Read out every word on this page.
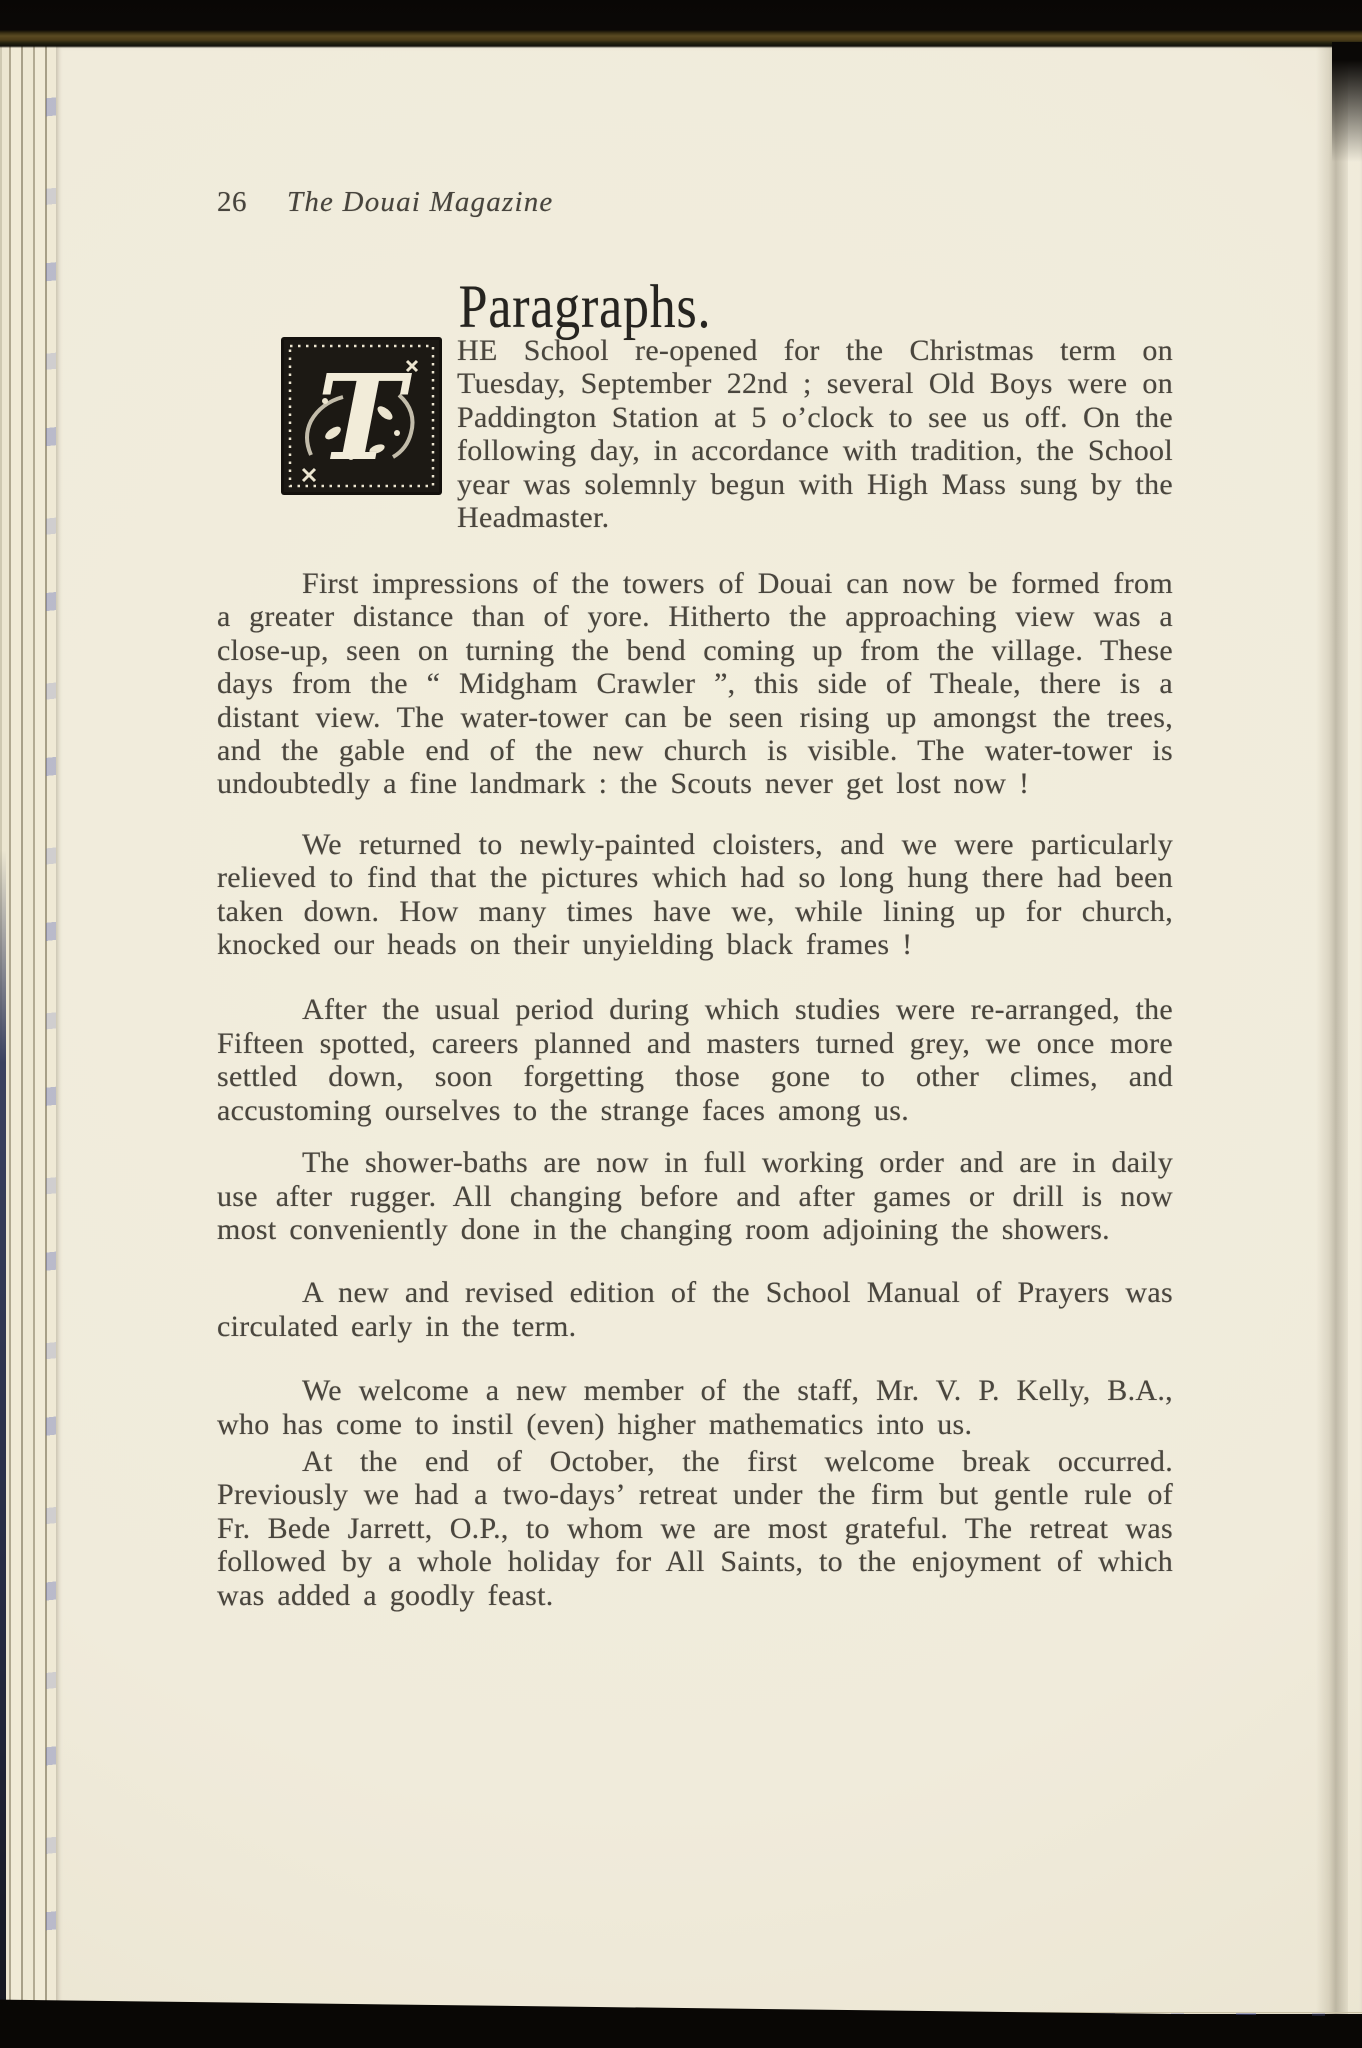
26 The Douai Magazine
Paragraphs.

T HE School re-opened for the Christmas term on Tuesday, September 22nd ; several Old Boys were on Paddington Station at 5 o’clock to see us off. On the following day, in accordance with tradition, the School year was solemnly begun with High Mass sung by the Headmaster.

First impressions of the towers of Douai can now be formed from a greater distance than of yore. Hitherto the approaching view was a close-up, seen on turning the bend coming up from the village. These days from the “ Midgham Crawler ”, this side of Theale, there is a distant view. The water-tower can be seen rising up amongst the trees, and the gable end of the new church is visible. The water-tower is undoubtedly a fine landmark : the Scouts never get lost now !

We returned to newly-painted cloisters, and we were particularly relieved to find that the pictures which had so long hung there had been taken down. How many times have we, while lining up for church, knocked our heads on their unyielding black frames !

After the usual period during which studies were re-arranged, the Fifteen spotted, careers planned and masters turned grey, we once more settled down, soon forgetting those gone to other climes, and accustoming ourselves to the strange faces among us.

The shower-baths are now in full working order and are in daily use after rugger. All changing before and after games or drill is now most conveniently done in the changing room adjoining the showers.

A new and revised edition of the School Manual of Prayers was circulated early in the term.

We welcome a new member of the staff, Mr. V. P. Kelly, B.A., who has come to instil (even) higher mathematics into us.

At the end of October, the first welcome break occurred. Previously we had a two-days’ retreat under the firm but gentle rule of Fr. Bede Jarrett, O.P., to whom we are most grateful. The retreat was followed by a whole holiday for All Saints, to the enjoyment of which was added a goodly feast.
